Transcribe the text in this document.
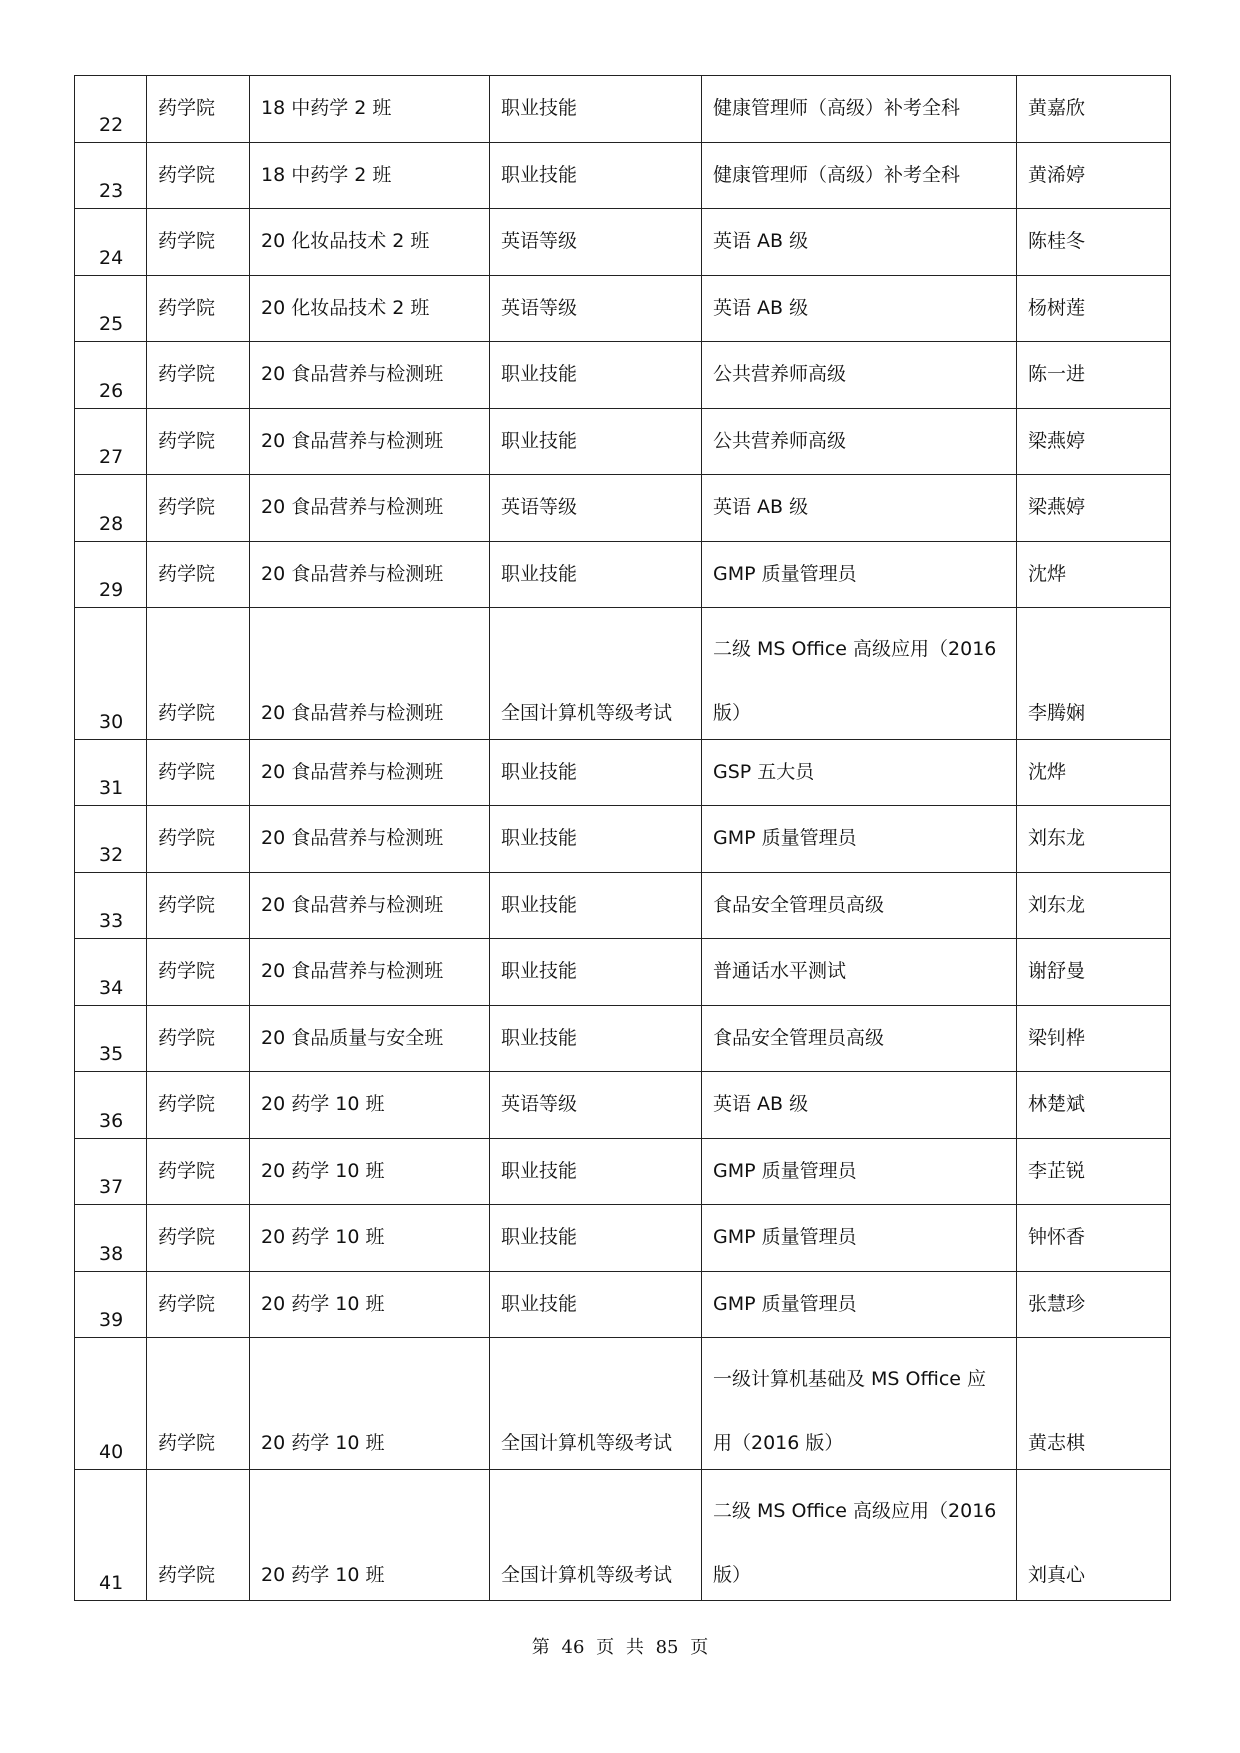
22	药学院	18 中药学 2 班	职业技能	健康管理师（高级）补考全科	黄嘉欣

23	药学院	18 中药学 2 班	职业技能	健康管理师（高级）补考全科	黄浠婷

24	药学院	20 化妆品技术 2 班	英语等级	英语 AB 级	陈桂冬

25	药学院	20 化妆品技术 2 班	英语等级	英语 AB 级	杨树莲

26	药学院	20 食品营养与检测班	职业技能	公共营养师高级	陈一进

27	药学院	20 食品营养与检测班	职业技能	公共营养师高级	梁燕婷

28	药学院	20 食品营养与检测班	英语等级	英语 AB 级	梁燕婷

29	药学院	20 食品营养与检测班	职业技能	GMP 质量管理员	沈烨

30	药学院	20 食品营养与检测班	全国计算机等级考试	二级 MS Office 高级应用（2016
版）	李腾娴

31	药学院	20 食品营养与检测班	职业技能	GSP 五大员	沈烨

32	药学院	20 食品营养与检测班	职业技能	GMP 质量管理员	刘东龙

33	药学院	20 食品营养与检测班	职业技能	食品安全管理员高级	刘东龙

34	药学院	20 食品营养与检测班	职业技能	普通话水平测试	谢舒曼

35	药学院	20 食品质量与安全班	职业技能	食品安全管理员高级	梁钊桦

36	药学院	20 药学 10 班	英语等级	英语 AB 级	林楚斌

37	药学院	20 药学 10 班	职业技能	GMP 质量管理员	李芷锐

38	药学院	20 药学 10 班	职业技能	GMP 质量管理员	钟怀香

39	药学院	20 药学 10 班	职业技能	GMP 质量管理员	张慧珍

40	药学院	20 药学 10 班	全国计算机等级考试	一级计算机基础及 MS Office 应
用（2016 版）	黄志棋

41	药学院	20 药学 10 班	全国计算机等级考试	二级 MS Office 高级应用（2016
版）	刘真心
第 46 页 共 85 页
